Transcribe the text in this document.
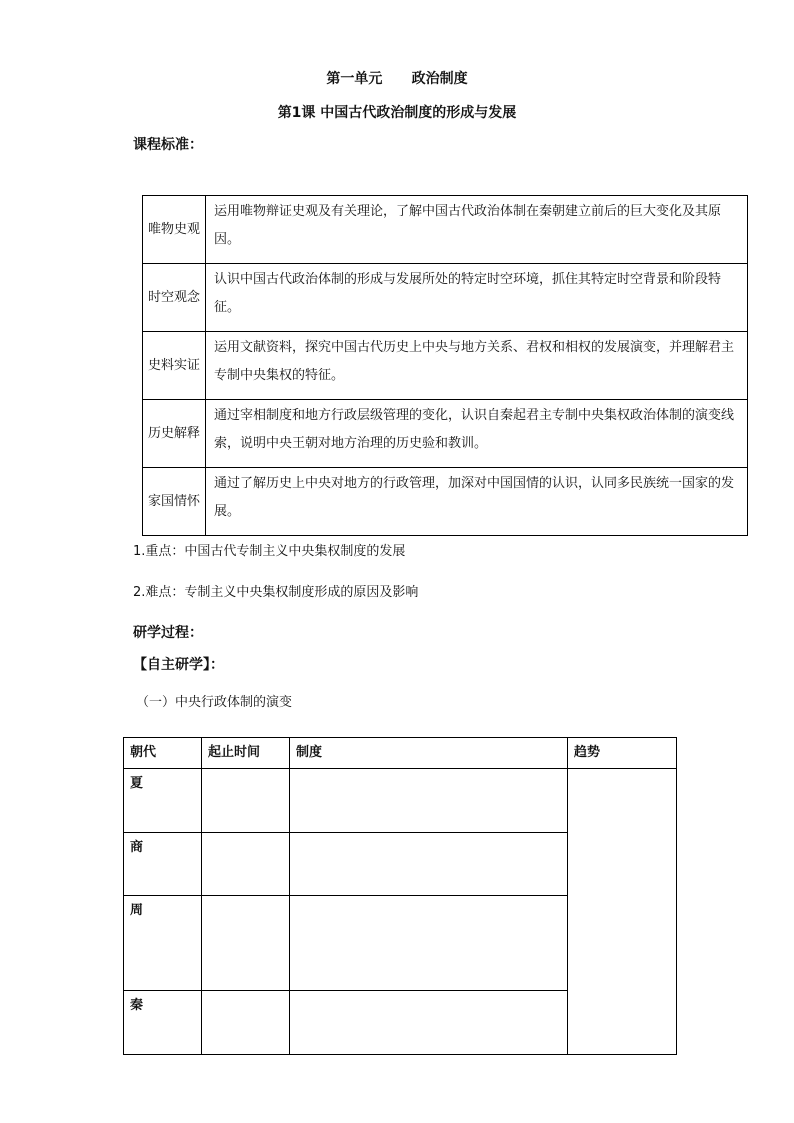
第一单元      政治制度
第1课 中国古代政治制度的形成与发展
课程标准：
唯物史观	运用唯物辩证史观及有关理论，了解中国古代政治体制在秦朝建立前后的巨大变化及其原因。
时空观念	认识中国古代政治体制的形成与发展所处的特定时空环境，抓住其特定时空背景和阶段特征。
史料实证	运用文献资料，探究中国古代历史上中央与地方关系、君权和相权的发展演变，并理解君主专制中央集权的特征。
历史解释	通过宰相制度和地方行政层级管理的变化，认识自秦起君主专制中央集权政治体制的演变线索，说明中央王朝对地方治理的历史验和教训。
家国情怀	通过了解历史上中央对地方的行政管理，加深对中国国情的认识，认同多民族统一国家的发展。
1.重点：中国古代专制主义中央集权制度的发展
2.难点：专制主义中央集权制度形成的原因及影响
研学过程：
【自主研学】：
（一）中央行政体制的演变
朝代	起止时间	制度	趋势
夏			
商			
周			
秦			
